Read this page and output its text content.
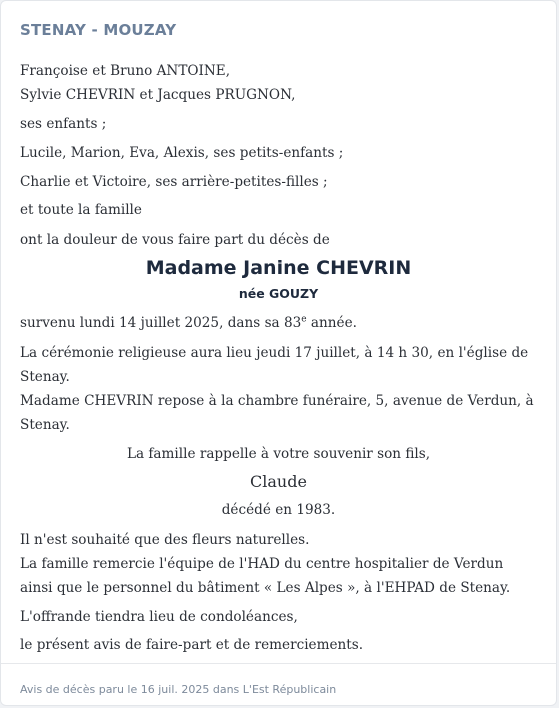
STENAY - MOUZAY
Françoise et Bruno ANTOINE,
Sylvie CHEVRIN et Jacques PRUGNON,
ses enfants ;
Lucile, Marion, Eva, Alexis, ses petits-enfants ;
Charlie et Victoire, ses arrière-petites-filles ;
et toute la famille
ont la douleur de vous faire part du décès de
Madame Janine CHEVRIN
née GOUZY
survenu lundi 14 juillet 2025, dans sa 83e année.
La cérémonie religieuse aura lieu jeudi 17 juillet, à 14 h 30, en l'église de Stenay.
Madame CHEVRIN repose à la chambre funéraire, 5, avenue de Verdun, à Stenay.
La famille rappelle à votre souvenir son fils,
Claude
décédé en 1983.
Il n'est souhaité que des fleurs naturelles.
La famille remercie l'équipe de l'HAD du centre hospitalier de Verdun ainsi que le personnel du bâtiment « Les Alpes », à l'EHPAD de Stenay.
L'offrande tiendra lieu de condoléances,
le présent avis de faire-part et de remerciements.
Avis de décès paru le 16 juil. 2025 dans L'Est Républicain
